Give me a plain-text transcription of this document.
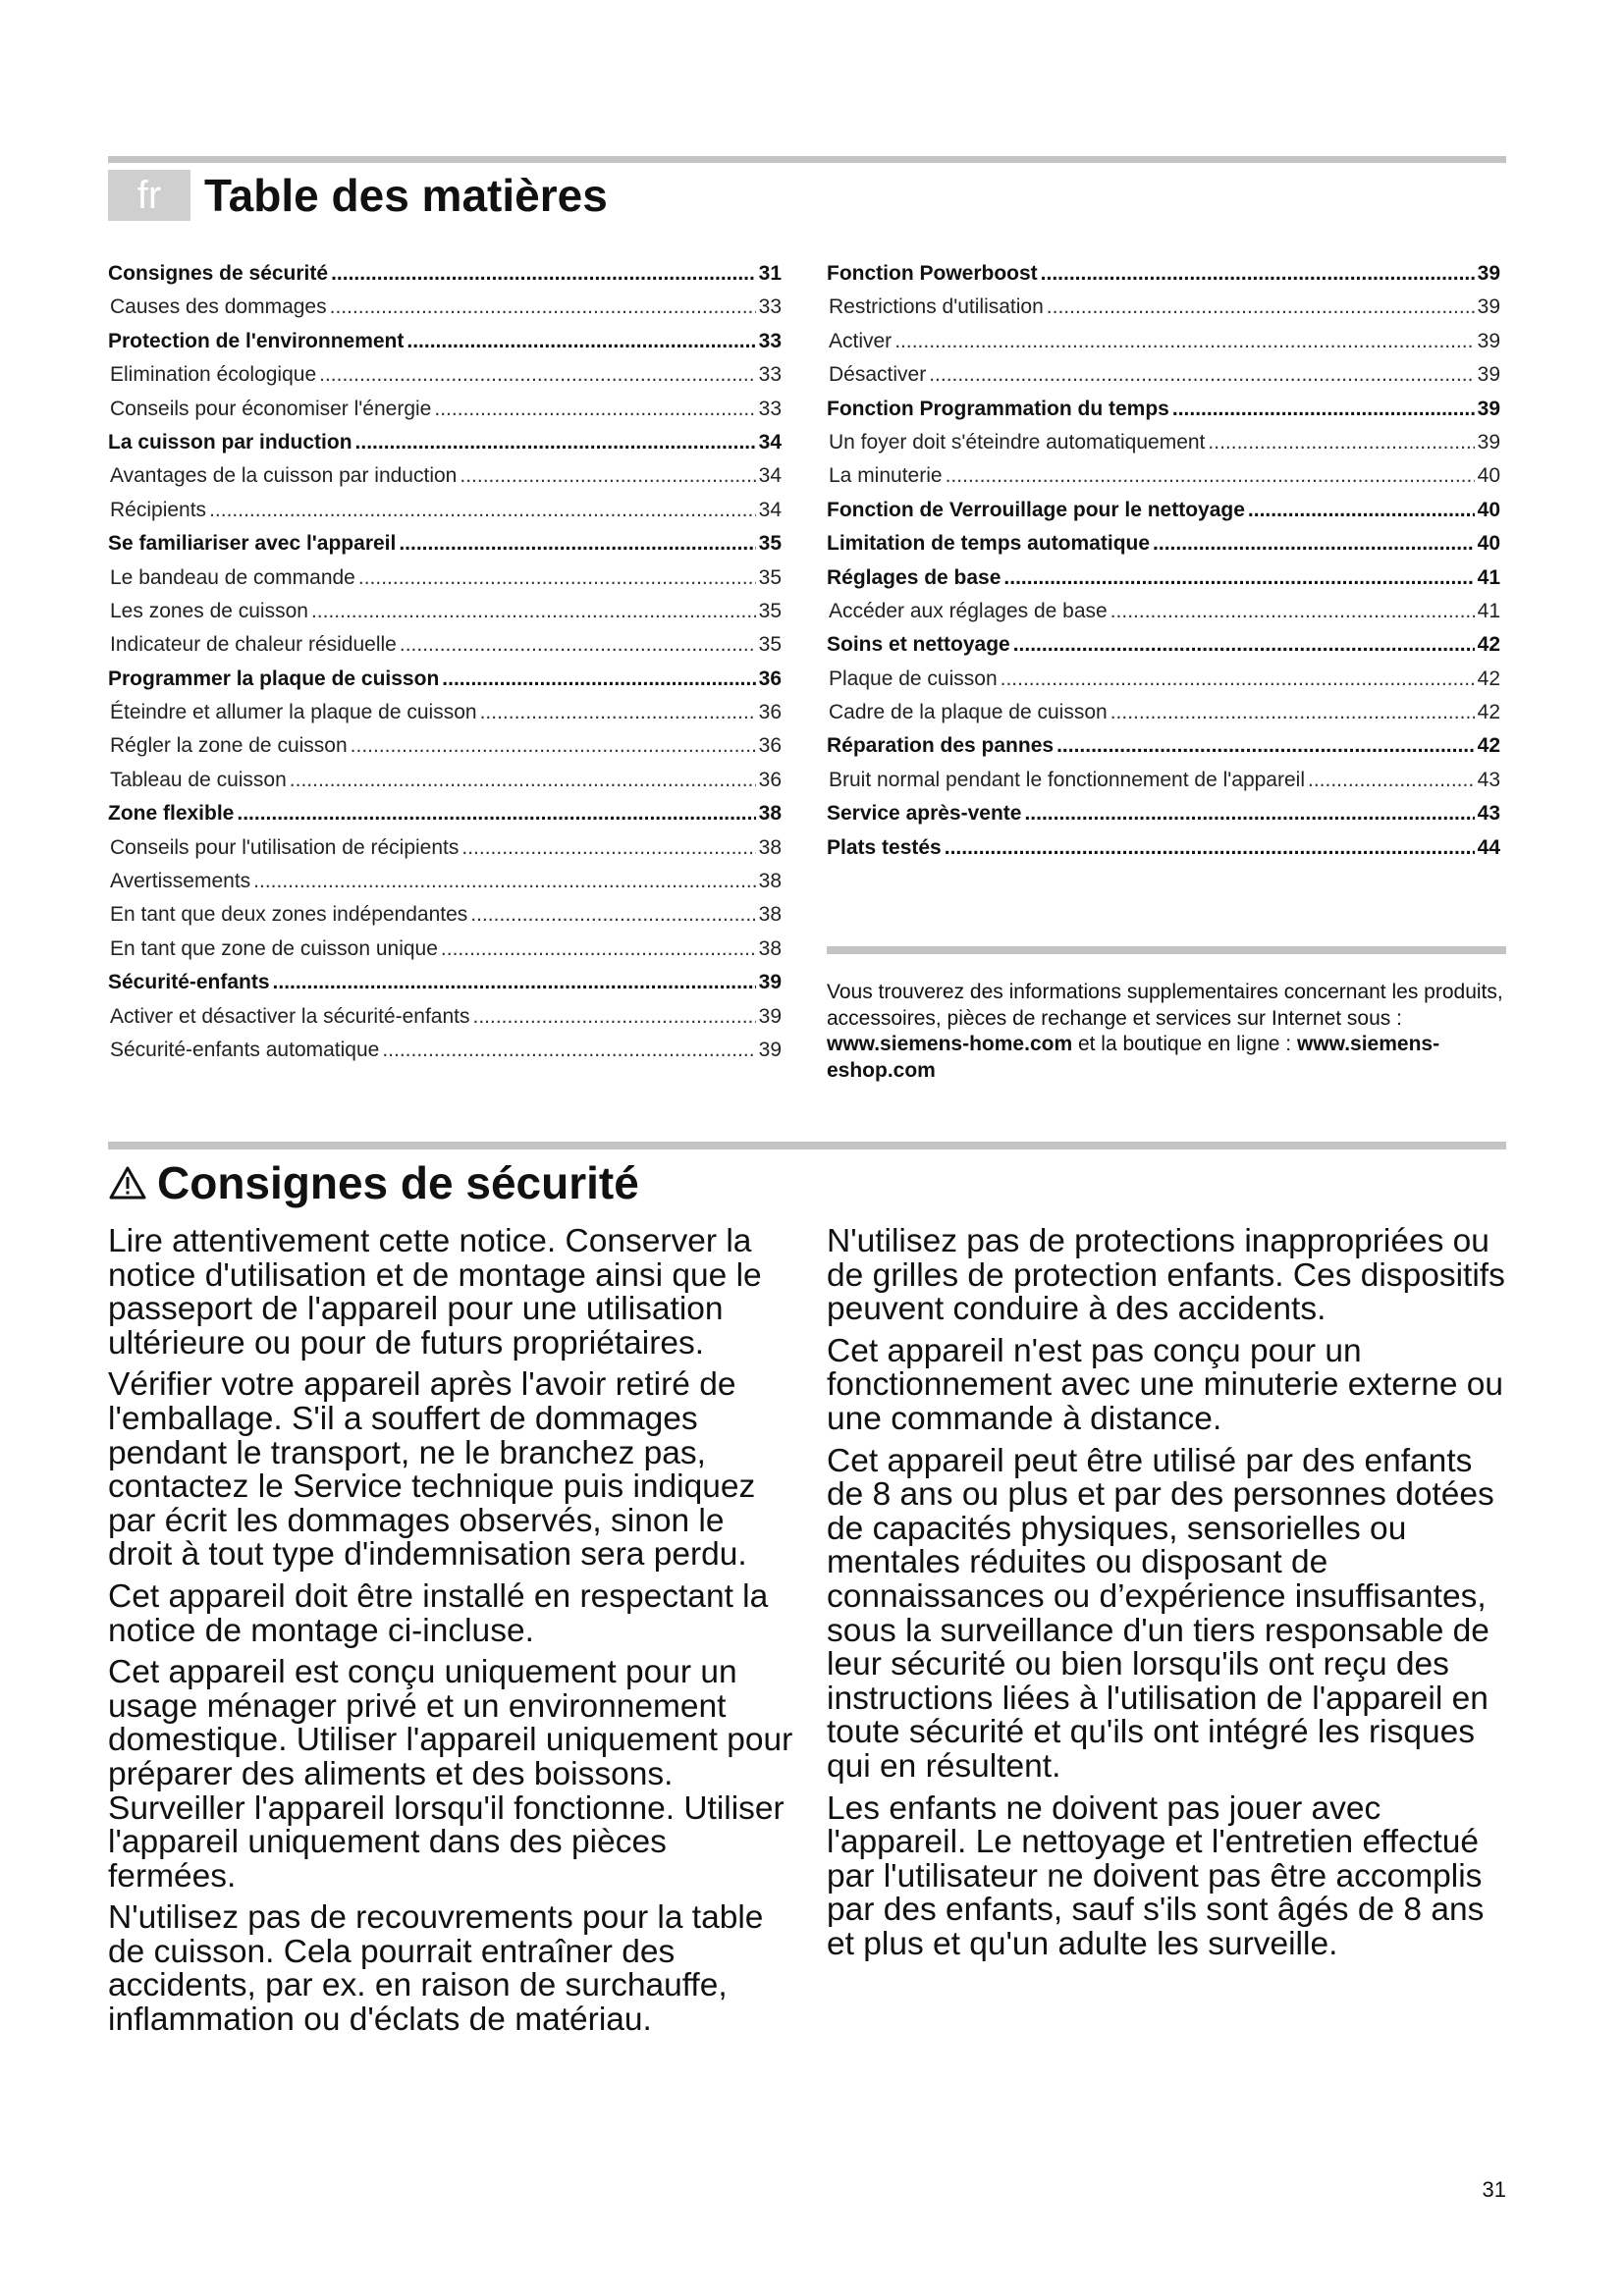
fr Table des matières
Consignes de sécurité .....	31
Causes des dommages .....	33
Protection de l'environnement .....	33
Elimination écologique .....	33
Conseils pour économiser l'énergie .....	33
La cuisson par induction .....	34
Avantages de la cuisson par induction .....	34
Récipients .....	34
Se familiariser avec l'appareil .....	35
Le bandeau de commande .....	35
Les zones de cuisson .....	35
Indicateur de chaleur résiduelle .....	35
Programmer la plaque de cuisson .....	36
Éteindre et allumer la plaque de cuisson .....	36
Régler la zone de cuisson .....	36
Tableau de cuisson .....	36
Zone flexible .....	38
Conseils pour l'utilisation de récipients .....	38
Avertissements .....	38
En tant que deux zones indépendantes .....	38
En tant que zone de cuisson unique .....	38
Sécurité-enfants .....	39
Activer et désactiver la sécurité-enfants .....	39
Sécurité-enfants automatique .....	39
Fonction Powerboost .....	39
Restrictions d'utilisation .....	39
Activer .....	39
Désactiver .....	39
Fonction Programmation du temps .....	39
Un foyer doit s'éteindre automatiquement .....	39
La minuterie .....	40
Fonction de Verrouillage pour le nettoyage .....	40
Limitation de temps automatique .....	40
Réglages de base .....	41
Accéder aux réglages de base .....	41
Soins et nettoyage .....	42
Plaque de cuisson .....	42
Cadre de la plaque de cuisson .....	42
Réparation des pannes .....	42
Bruit normal pendant le fonctionnement de l'appareil .....	43
Service après-vente .....	43
Plats testés .....	44

Vous trouverez des informations supplementaires concernant les produits, accessoires, pièces de rechange et services sur Internet sous : www.siemens-home.com et la boutique en ligne : www.siemens-eshop.com

Consignes de sécurité

Lire attentivement cette notice. Conserver la notice d'utilisation et de montage ainsi que le passeport de l'appareil pour une utilisation ultérieure ou pour de futurs propriétaires.

Vérifier votre appareil après l'avoir retiré de l'emballage. S'il a souffert de dommages pendant le transport, ne le branchez pas, contactez le Service technique puis indiquez par écrit les dommages observés, sinon le droit à tout type d'indemnisation sera perdu.

Cet appareil doit être installé en respectant la notice de montage ci-incluse.

Cet appareil est conçu uniquement pour un usage ménager privé et un environnement domestique. Utiliser l'appareil uniquement pour préparer des aliments et des boissons. Surveiller l'appareil lorsqu'il fonctionne. Utiliser l'appareil uniquement dans des pièces fermées.

N'utilisez pas de recouvrements pour la table de cuisson. Cela pourrait entraîner des accidents, par ex. en raison de surchauffe, inflammation ou d'éclats de matériau.

N'utilisez pas de protections inappropriées ou de grilles de protection enfants. Ces dispositifs peuvent conduire à des accidents.

Cet appareil n'est pas conçu pour un fonctionnement avec une minuterie externe ou une commande à distance.

Cet appareil peut être utilisé par des enfants de 8 ans ou plus et par des personnes dotées de capacités physiques, sensorielles ou mentales réduites ou disposant de connaissances ou d’expérience insuffisantes, sous la surveillance d'un tiers responsable de leur sécurité ou bien lorsqu'ils ont reçu des instructions liées à l'utilisation de l'appareil en toute sécurité et qu'ils ont intégré les risques qui en résultent.

Les enfants ne doivent pas jouer avec l'appareil. Le nettoyage et l'entretien effectué par l'utilisateur ne doivent pas être accomplis par des enfants, sauf s'ils sont âgés de 8 ans et plus et qu'un adulte les surveille.

31
